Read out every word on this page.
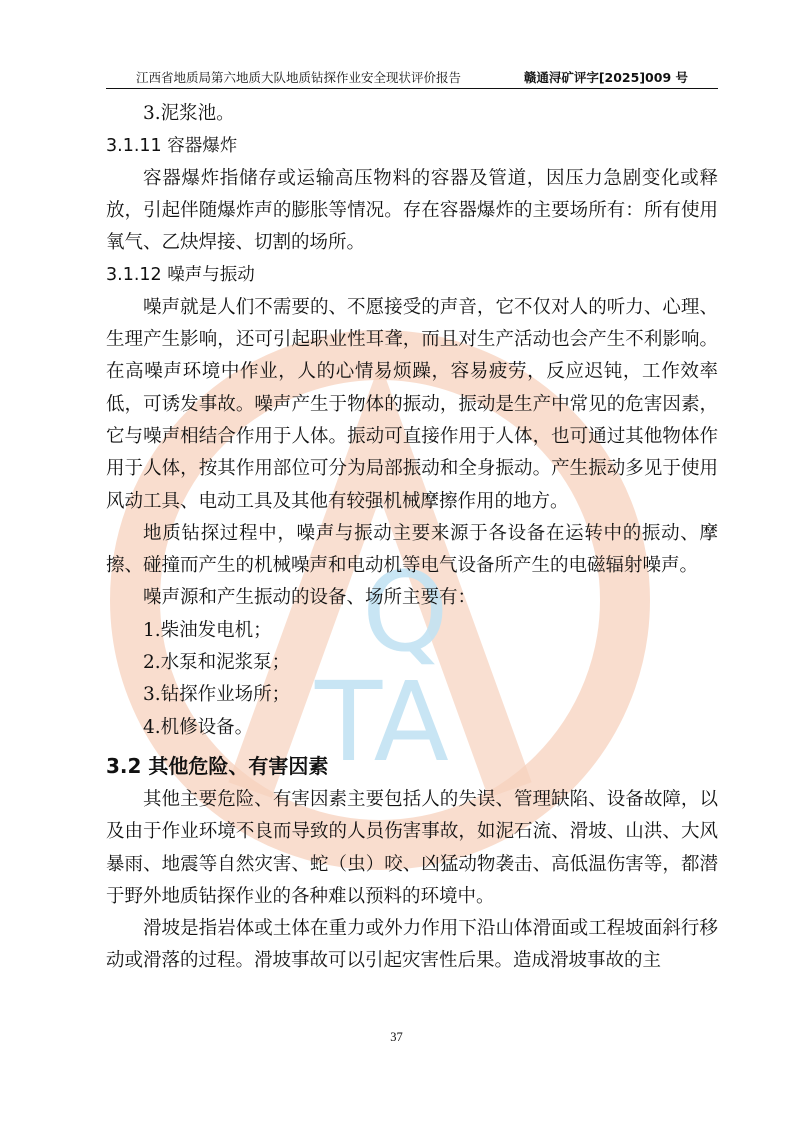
江西省地质局第六地质大队地质钻探作业安全现状评价报告	赣通浔矿评字[2025]009 号
Q
TA

3.泥浆池。

3.1.11 容器爆炸

容器爆炸指储存或运输高压物料的容器及管道，因压力急剧变化或释放，引起伴随爆炸声的膨胀等情况。存在容器爆炸的主要场所有：所有使用氧气、乙炔焊接、切割的场所。

3.1.12 噪声与振动

噪声就是人们不需要的、不愿接受的声音，它不仅对人的听力、心理、生理产生影响，还可引起职业性耳聋，而且对生产活动也会产生不利影响。在高噪声环境中作业，人的心情易烦躁，容易疲劳，反应迟钝，工作效率低，可诱发事故。噪声产生于物体的振动，振动是生产中常见的危害因素，它与噪声相结合作用于人体。振动可直接作用于人体，也可通过其他物体作用于人体，按其作用部位可分为局部振动和全身振动。产生振动多见于使用风动工具、电动工具及其他有较强机械摩擦作用的地方。

地质钻探过程中，噪声与振动主要来源于各设备在运转中的振动、摩擦、碰撞而产生的机械噪声和电动机等电气设备所产生的电磁辐射噪声。

噪声源和产生振动的设备、场所主要有：

1.柴油发电机；

2.水泵和泥浆泵；

3.钻探作业场所；

4.机修设备。

3.2 其他危险、有害因素

其他主要危险、有害因素主要包括人的失误、管理缺陷、设备故障，以及由于作业环境不良而导致的人员伤害事故，如泥石流、滑坡、山洪、大风暴雨、地震等自然灾害、蛇（虫）咬、凶猛动物袭击、高低温伤害等，都潜于野外地质钻探作业的各种难以预料的环境中。

滑坡是指岩体或土体在重力或外力作用下沿山体滑面或工程坡面斜行移动或滑落的过程。滑坡事故可以引起灾害性后果。造成滑坡事故的主

37
